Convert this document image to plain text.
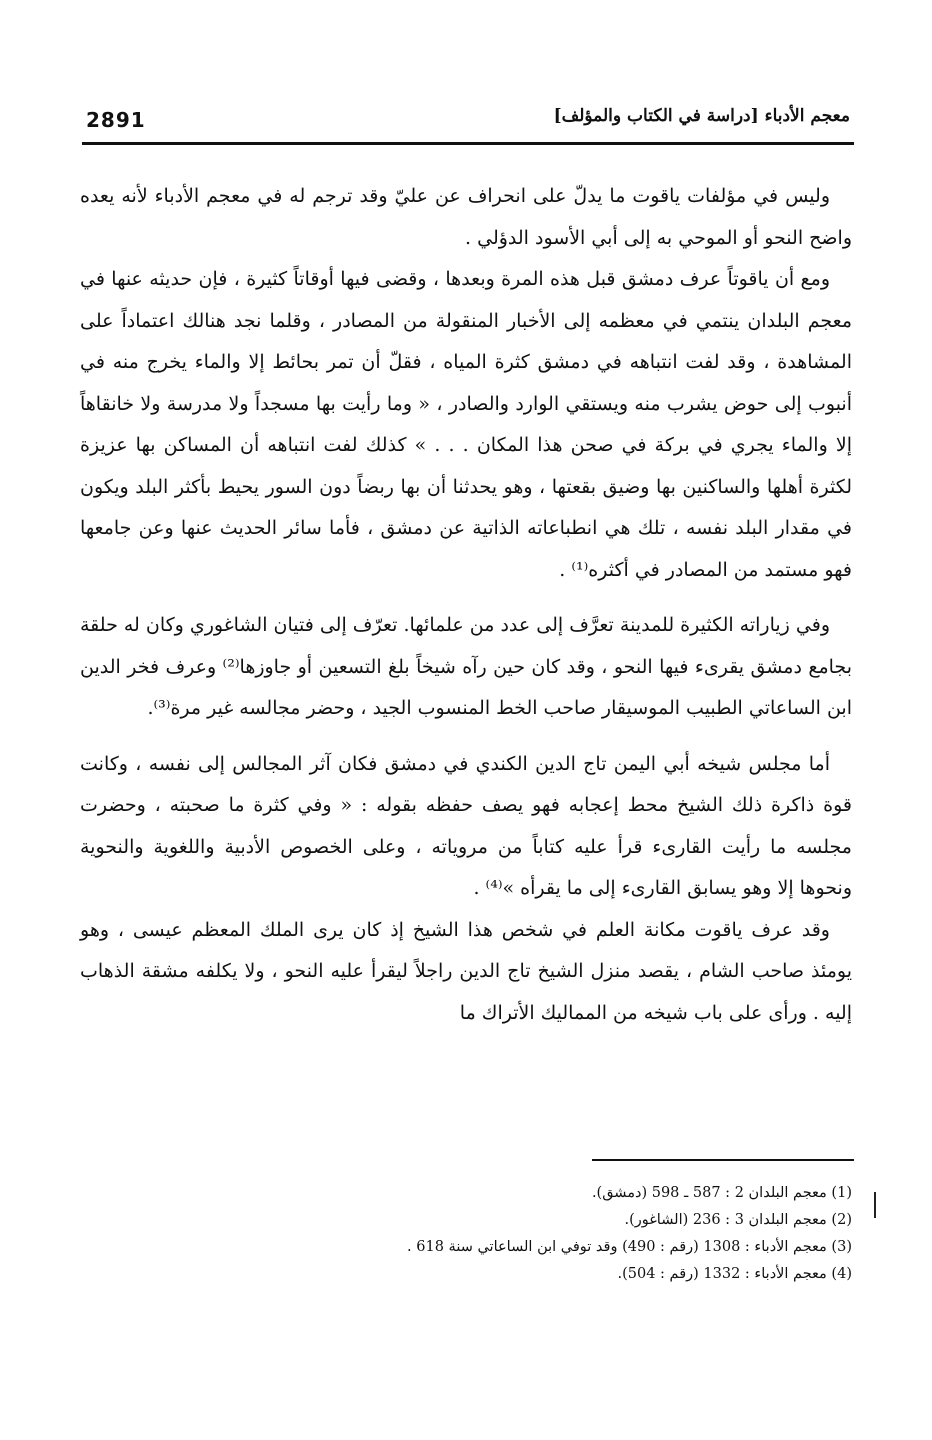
2891	معجم الأدباء [دراسة في الكتاب والمؤلف]

وليس في مؤلفات ياقوت ما يدلّ على انحراف عن عليّ وقد ترجم له في معجم الأدباء لأنه يعده واضح النحو أو الموحي به إلى أبي الأسود الدؤلي .

ومع أن ياقوتاً عرف دمشق قبل هذه المرة وبعدها ، وقضى فيها أوقاتاً كثيرة ، فإن حديثه عنها في معجم البلدان ينتمي في معظمه إلى الأخبار المنقولة من المصادر ، وقلما نجد هنالك اعتماداً على المشاهدة ، وقد لفت انتباهه في دمشق كثرة المياه ، فقلّ أن تمر بحائط إلا والماء يخرج منه في أنبوب إلى حوض يشرب منه ويستقي الوارد والصادر ، « وما رأيت بها مسجداً ولا مدرسة ولا خانقاهاً إلا والماء يجري في بركة في صحن هذا المكان . . . » كذلك لفت انتباهه أن المساكن بها عزيزة لكثرة أهلها والساكنين بها وضيق بقعتها ، وهو يحدثنا أن بها ربضاً دون السور يحيط بأكثر البلد ويكون في مقدار البلد نفسه ، تلك هي انطباعاته الذاتية عن دمشق ، فأما سائر الحديث عنها وعن جامعها فهو مستمد من المصادر في أكثره⁽¹⁾ .

وفي زياراته الكثيرة للمدينة تعرَّف إلى عدد من علمائها. تعرّف إلى فتيان الشاغوري وكان له حلقة بجامع دمشق يقرىء فيها النحو ، وقد كان حين رآه شيخاً بلغ التسعين أو جاوزها⁽²⁾ وعرف فخر الدين ابن الساعاتي الطبيب الموسيقار صاحب الخط المنسوب الجيد ، وحضر مجالسه غير مرة⁽³⁾.

أما مجلس شيخه أبي اليمن تاج الدين الكندي في دمشق فكان آثر المجالس إلى نفسه ، وكانت قوة ذاكرة ذلك الشيخ محط إعجابه فهو يصف حفظه بقوله : « وفي كثرة ما صحبته ، وحضرت مجلسه ما رأيت القارىء قرأ عليه كتاباً من مروياته ، وعلى الخصوص الأدبية واللغوية والنحوية ونحوها إلا وهو يسابق القارىء إلى ما يقرأه »⁽⁴⁾ .

وقد عرف ياقوت مكانة العلم في شخص هذا الشيخ إذ كان يرى الملك المعظم عيسى ، وهو يومئذ صاحب الشام ، يقصد منزل الشيخ تاج الدين راجلاً ليقرأ عليه النحو ، ولا يكلفه مشقة الذهاب إليه . ورأى على باب شيخه من المماليك الأتراك ما

(1) معجم البلدان 2 : 587 ـ 598 (دمشق).
(2) معجم البلدان 3 : 236 (الشاغور).
(3) معجم الأدباء : 1308 (رقم : 490) وقد توفي ابن الساعاتي سنة 618 .
(4) معجم الأدباء : 1332 (رقم : 504).
